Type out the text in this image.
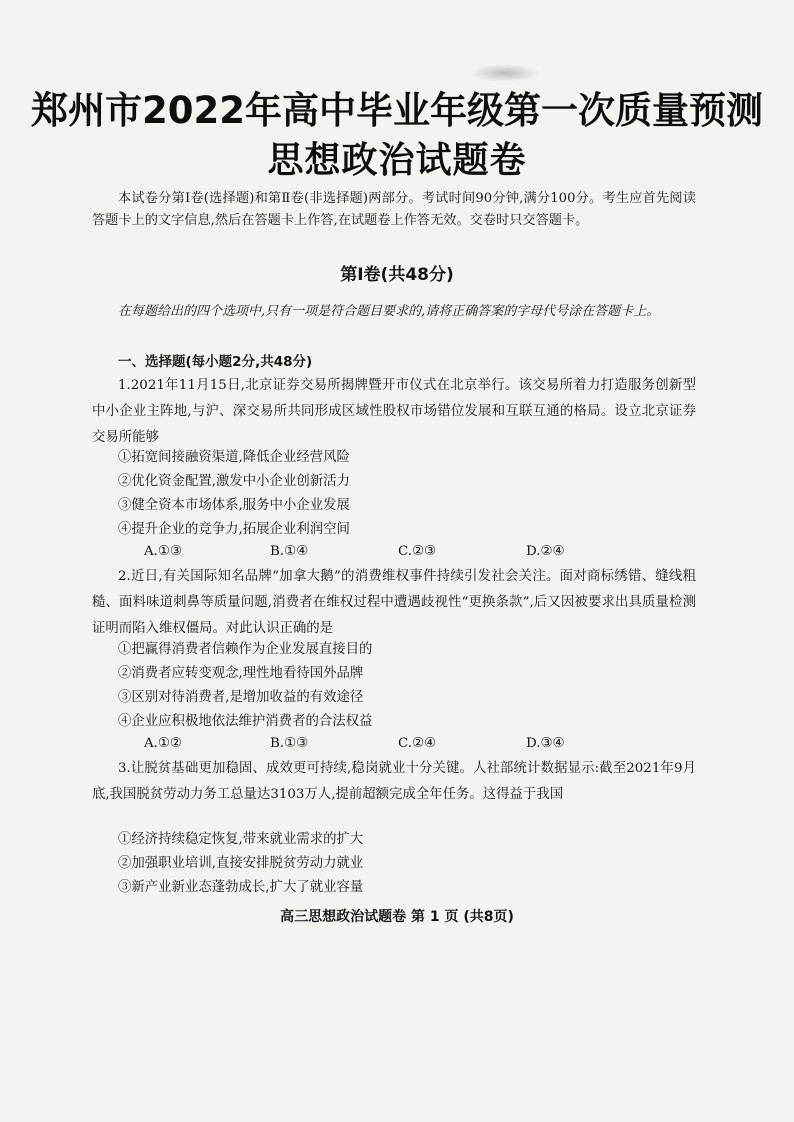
郑州市2022年高中毕业年级第一次质量预测
思想政治试题卷
本试卷分第Ⅰ卷(选择题)和第Ⅱ卷(非选择题)两部分。考试时间90分钟,满分100分。考生应首先阅读答题卡上的文字信息,然后在答题卡上作答,在试题卷上作答无效。交卷时只交答题卡。
第Ⅰ卷(共48分)
在每题给出的四个选项中,只有一项是符合题目要求的,请将正确答案的字母代号涂在答题卡上。
一、选择题(每小题2分,共48分)
1.2021年11月15日,北京证券交易所揭牌暨开市仪式在北京举行。该交易所着力打造服务创新型中小企业主阵地,与沪、深交易所共同形成区域性股权市场错位发展和互联互通的格局。设立北京证券交易所能够
①拓宽间接融资渠道,降低企业经营风险
②优化资金配置,激发中小企业创新活力
③健全资本市场体系,服务中小企业发展
④提升企业的竞争力,拓展企业利润空间
A.①③	B.①④	C.②③	D.②④
2.近日,有关国际知名品牌“加拿大鹅”的消费维权事件持续引发社会关注。面对商标绣错、缝线粗糙、面料味道刺鼻等质量问题,消费者在维权过程中遭遇歧视性“更换条款”,后又因被要求出具质量检测证明而陷入维权僵局。对此认识正确的是
①把赢得消费者信赖作为企业发展直接目的
②消费者应转变观念,理性地看待国外品牌
③区别对待消费者,是增加收益的有效途径
④企业应积极地依法维护消费者的合法权益
A.①②	B.①③	C.②④	D.③④
3.让脱贫基础更加稳固、成效更可持续,稳岗就业十分关键。人社部统计数据显示:截至2021年9月底,我国脱贫劳动力务工总量达3103万人,提前超额完成全年任务。这得益于我国
①经济持续稳定恢复,带来就业需求的扩大
②加强职业培训,直接安排脱贫劳动力就业
③新产业新业态蓬勃成长,扩大了就业容量
高三思想政治试题卷 第 1 页 (共8页)
